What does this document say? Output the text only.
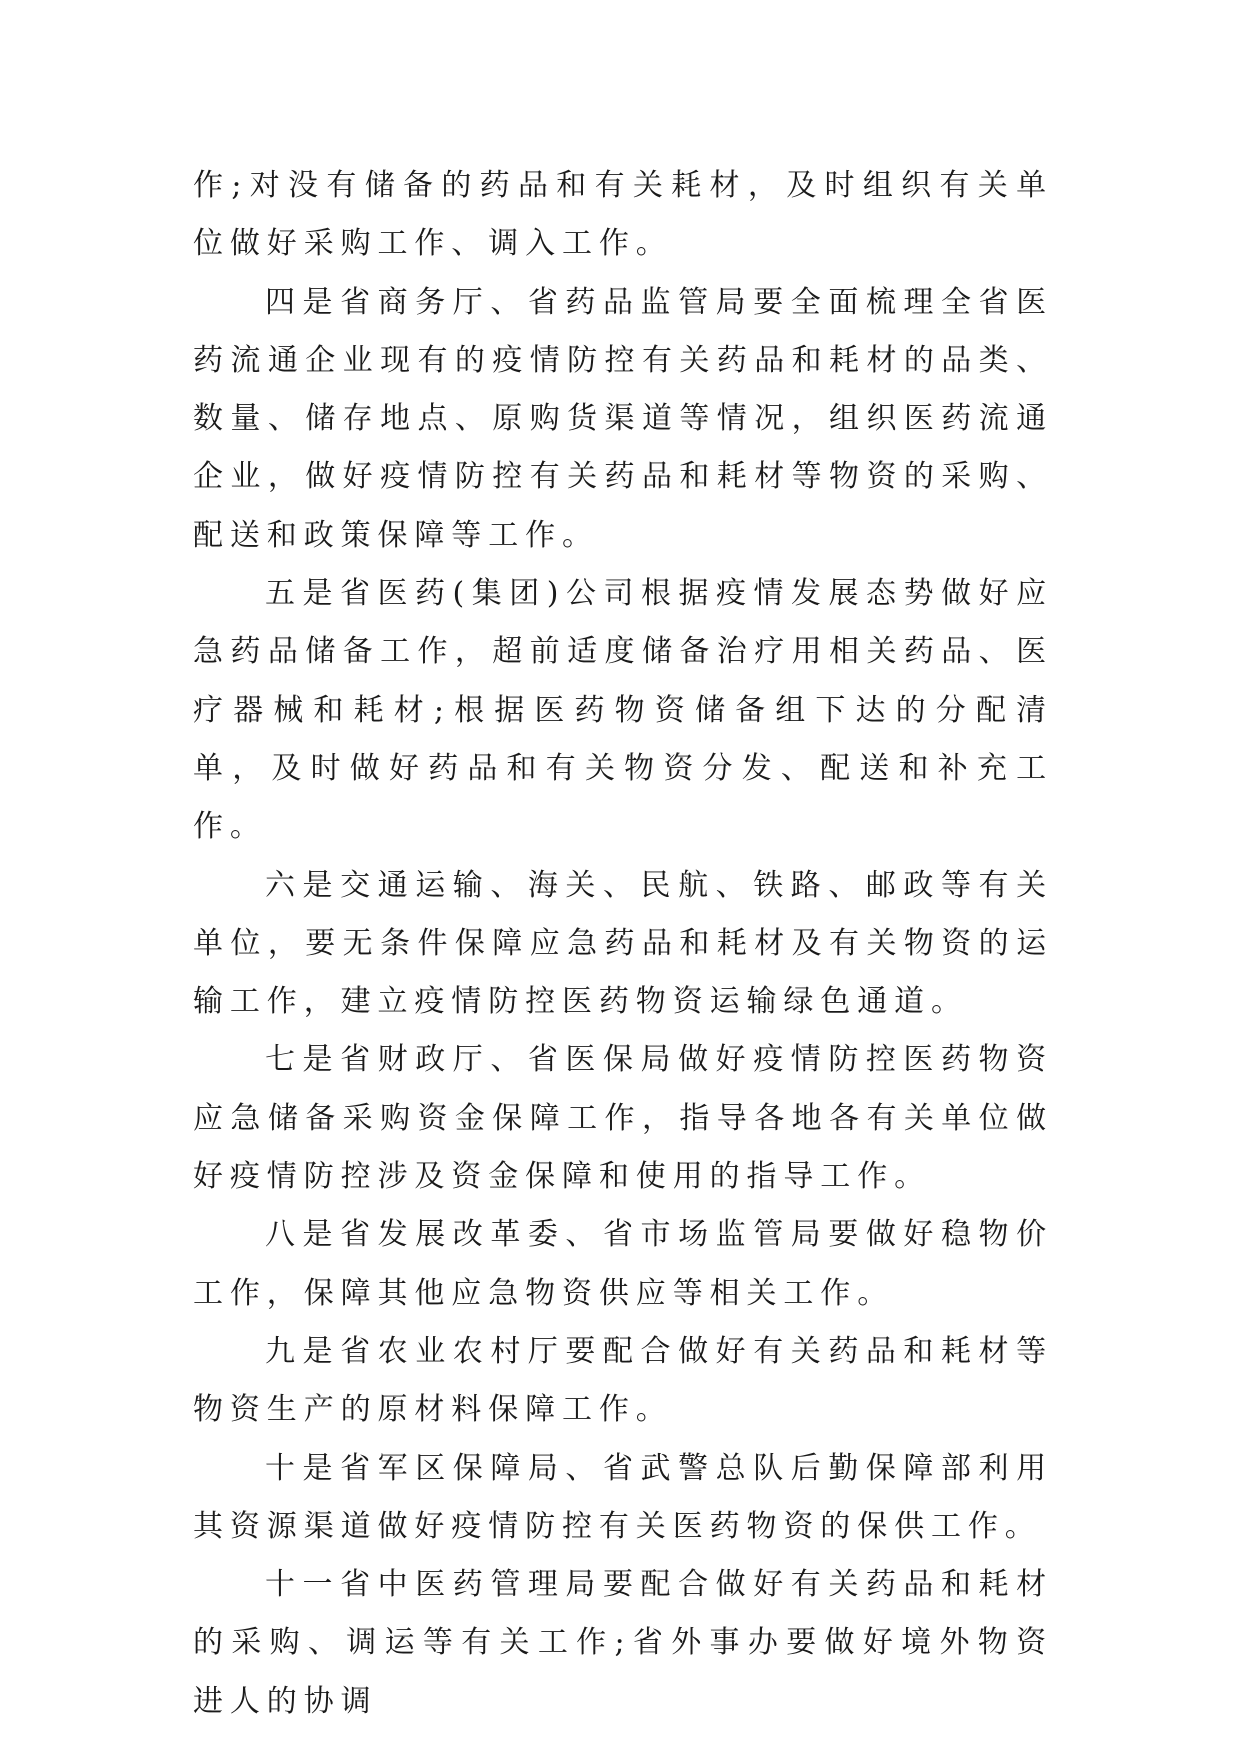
作;对没有储备的药品和有关耗材，及时组织有关单位做好采购工作、调入工作。

四是省商务厅、省药品监管局要全面梳理全省医药流通企业现有的疫情防控有关药品和耗材的品类、数量、储存地点、原购货渠道等情况，组织医药流通企业，做好疫情防控有关药品和耗材等物资的采购、配送和政策保障等工作。

五是省医药(集团)公司根据疫情发展态势做好应急药品储备工作，超前适度储备治疗用相关药品、医疗器械和耗材;根据医药物资储备组下达的分配清单，及时做好药品和有关物资分发、配送和补充工作。

六是交通运输、海关、民航、铁路、邮政等有关单位，要无条件保障应急药品和耗材及有关物资的运输工作，建立疫情防控医药物资运输绿色通道。

七是省财政厅、省医保局做好疫情防控医药物资应急储备采购资金保障工作，指导各地各有关单位做好疫情防控涉及资金保障和使用的指导工作。

八是省发展改革委、省市场监管局要做好稳物价工作，保障其他应急物资供应等相关工作。

九是省农业农村厅要配合做好有关药品和耗材等物资生产的原材料保障工作。

十是省军区保障局、省武警总队后勤保障部利用其资源渠道做好疫情防控有关医药物资的保供工作。

十一省中医药管理局要配合做好有关药品和耗材的采购、调运等有关工作;省外事办要做好境外物资进人的协调
